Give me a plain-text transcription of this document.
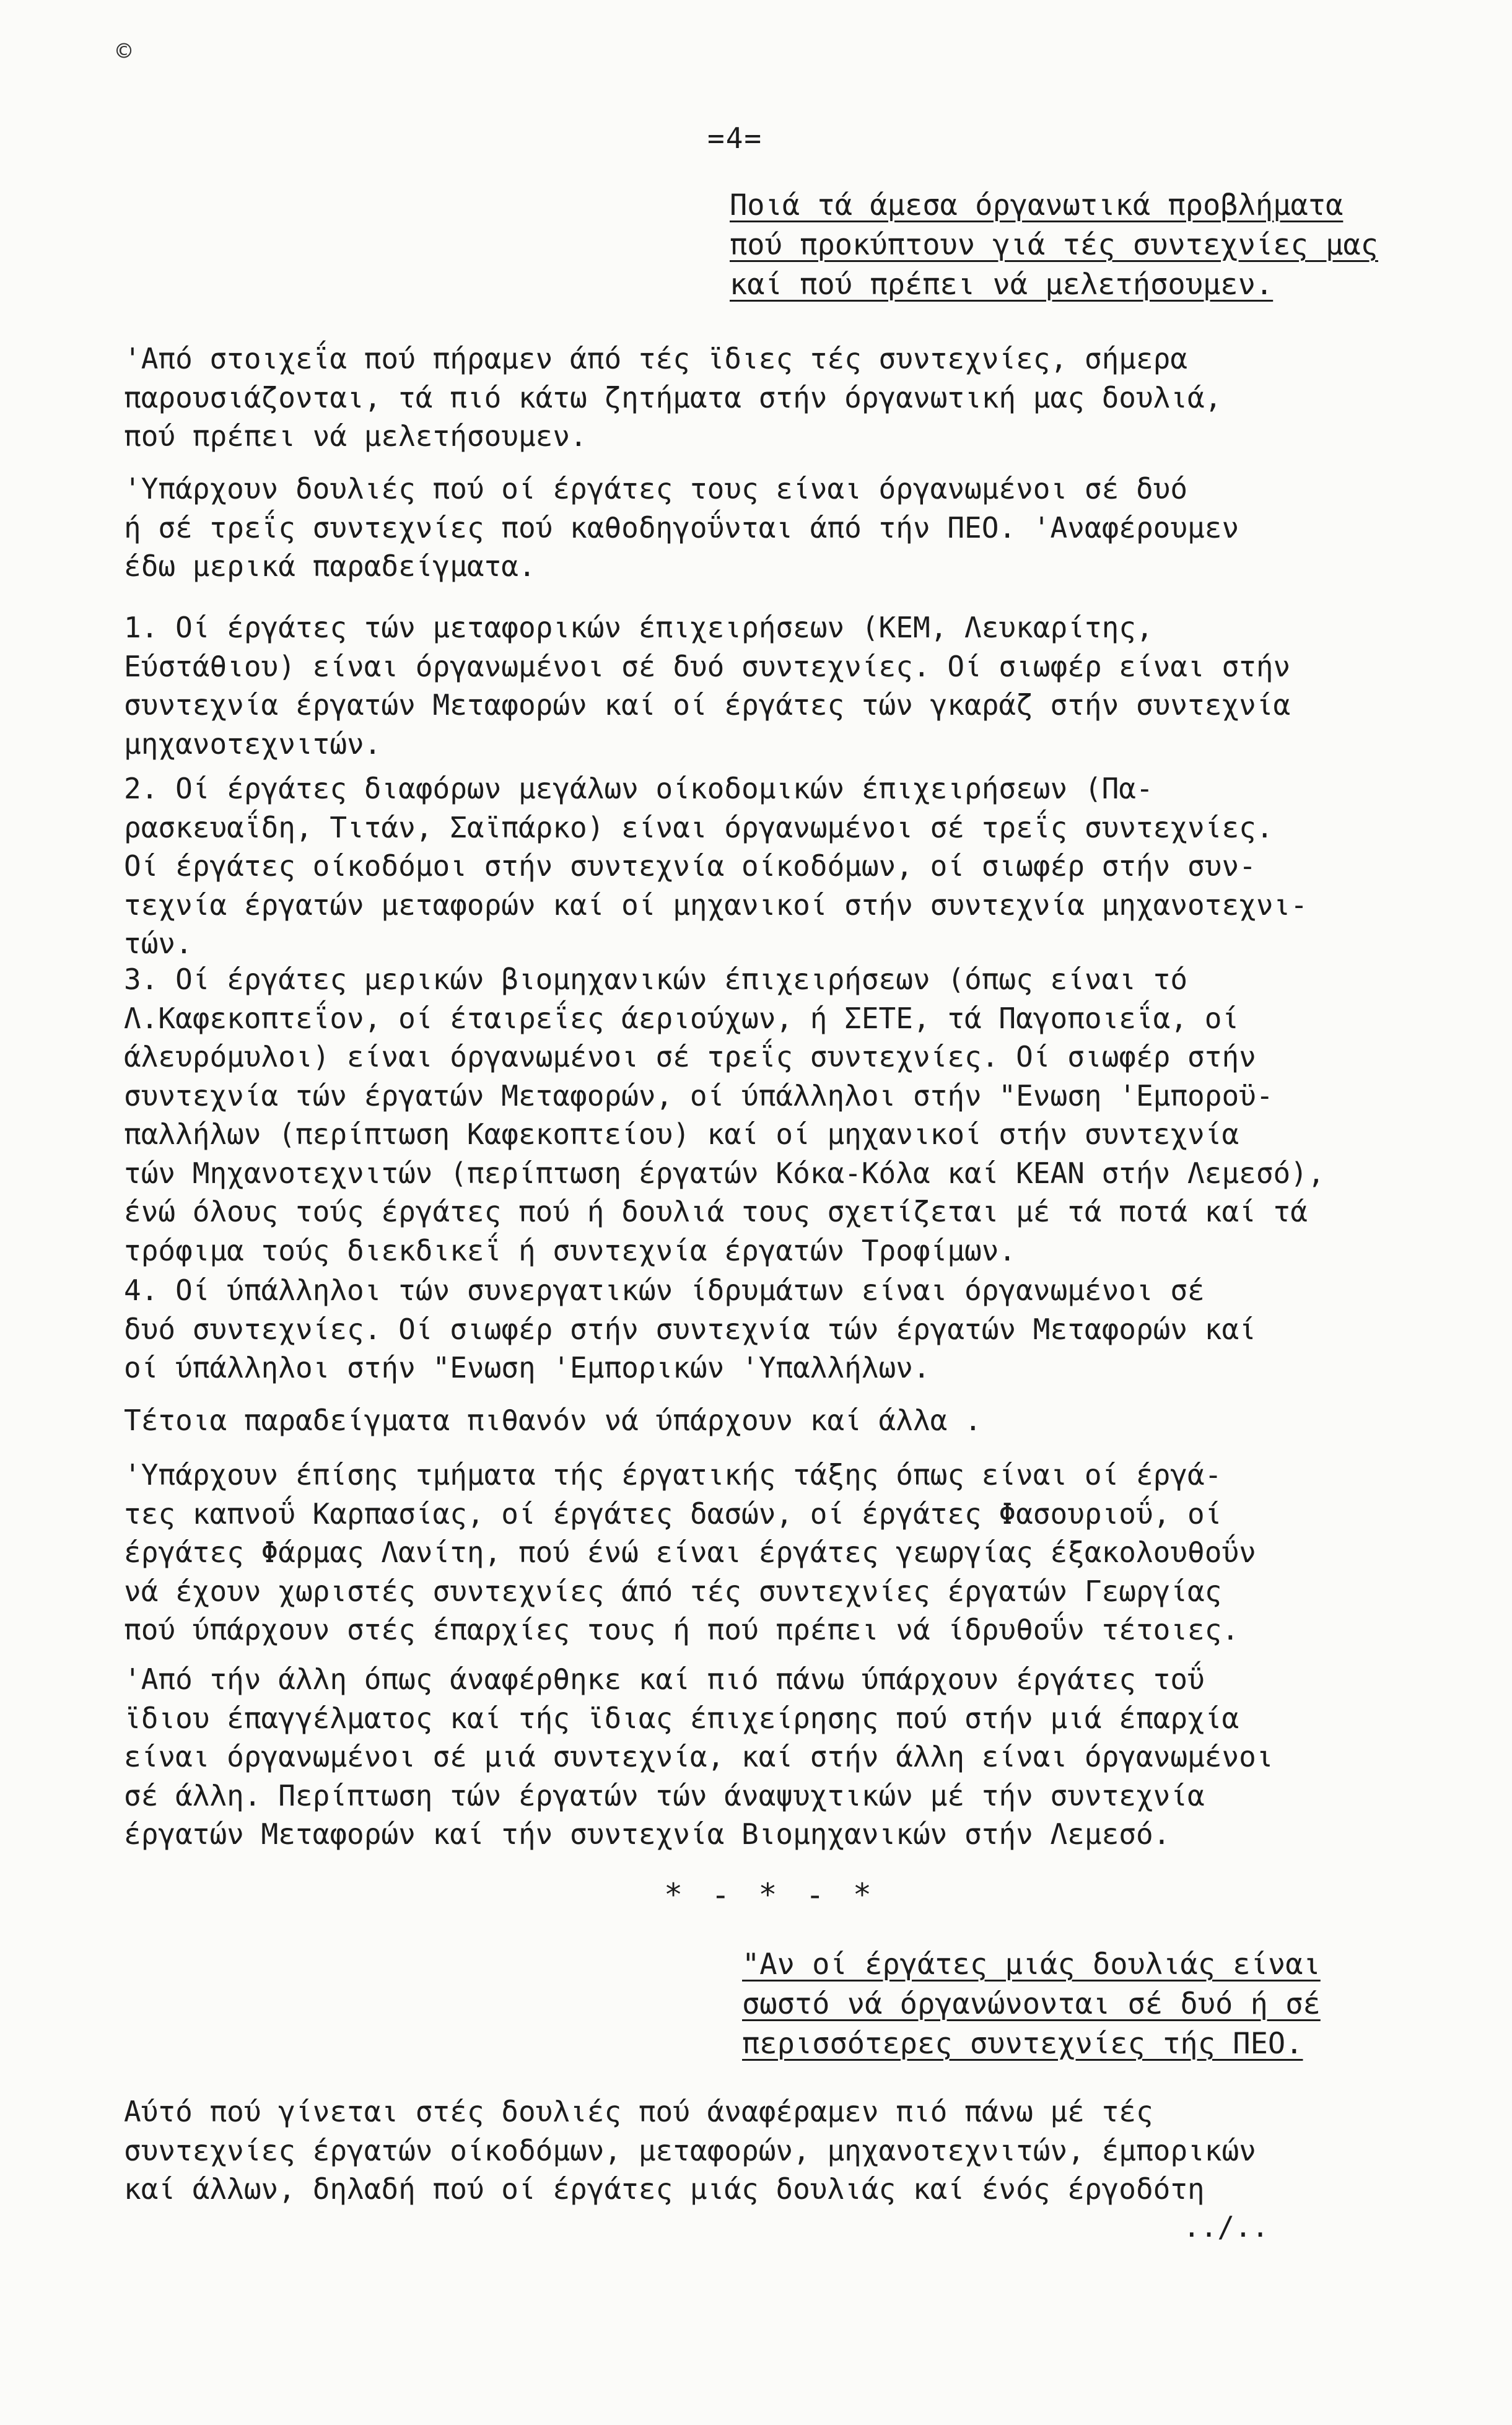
©
=4=
Ποιά τά άμεσα όργανωτικά προβλήματα
πού προκύπτουν γιά τές συντεχνίες μας
καί πού πρέπει νά μελετήσουμεν.
'Από στοιχεΐα πού πήραμεν άπό τές ϊδιες τές συντεχνίες, σήμερα
παρουσιάζονται, τά πιό κάτω ζητήματα στήν όργανωτική μας δουλιά,
πού πρέπει νά μελετήσουμεν.
'Υπάρχουν δουλιές πού οί έργάτες τους είναι όργανωμένοι σέ δυό
ή σέ τρεΐς συντεχνίες πού καθοδηγοΰνται άπό τήν ΠΕΟ. 'Αναφέρουμεν
έδω μερικά παραδείγματα.
1. Οί έργάτες τών μεταφορικών έπιχειρήσεων (ΚΕΜ, Λευκαρίτης,
Εύστάθιου) είναι όργανωμένοι σέ δυό συντεχνίες. Οί σιωφέρ είναι στήν
συντεχνία έργατών Μεταφορών καί οί έργάτες τών γκαράζ στήν συντεχνία
μηχανοτεχνιτών.
2. Οί έργάτες διαφόρων μεγάλων οίκοδομικών έπιχειρήσεων (Πα-
ρασκευαΐδη, Τιτάν, Σαϊπάρκο) είναι όργανωμένοι σέ τρεΐς συντεχνίες.
Οί έργάτες οίκοδόμοι στήν συντεχνία οίκοδόμων, οί σιωφέρ στήν συν-
τεχνία έργατών μεταφορών καί οί μηχανικοί στήν συντεχνία μηχανοτεχνι-
τών.
3. Οί έργάτες μερικών βιομηχανικών έπιχειρήσεων (όπως είναι τό
Λ.Καφεκοπτεΐον, οί έταιρεΐες άεριούχων, ή ΣΕΤΕ, τά Παγοποιεΐα, οί
άλευρόμυλοι) είναι όργανωμένοι σέ τρεΐς συντεχνίες. Οί σιωφέρ στήν
συντεχνία τών έργατών Μεταφορών, οί ύπάλληλοι στήν "Ενωση 'Εμποροϋ-
παλλήλων (περίπτωση Καφεκοπτείου) καί οί μηχανικοί στήν συντεχνία
τών Μηχανοτεχνιτών (περίπτωση έργατών Κόκα-Κόλα καί ΚΕΑΝ στήν Λεμεσό),
ένώ όλους τούς έργάτες πού ή δουλιά τους σχετίζεται μέ τά ποτά καί τά
τρόφιμα τούς διεκδικεΐ ή συντεχνία έργατών Τροφίμων.
4. Οί ύπάλληλοι τών συνεργατικών ίδρυμάτων είναι όργανωμένοι σέ
δυό συντεχνίες. Οί σιωφέρ στήν συντεχνία τών έργατών Μεταφορών καί
οί ύπάλληλοι στήν "Ενωση 'Εμπορικών 'Υπαλλήλων.
Τέτοια παραδείγματα πιθανόν νά ύπάρχουν καί άλλα .
'Υπάρχουν έπίσης τμήματα τής έργατικής τάξης όπως είναι οί έργά-
τες καπνοΰ Καρπασίας, οί έργάτες δασών, οί έργάτες Φασουριοΰ, οί
έργάτες Φάρμας Λανίτη, πού ένώ είναι έργάτες γεωργίας έξακολουθοΰν
νά έχουν χωριστές συντεχνίες άπό τές συντεχνίες έργατών Γεωργίας
πού ύπάρχουν στές έπαρχίες τους ή πού πρέπει νά ίδρυθοΰν τέτοιες.
'Από τήν άλλη όπως άναφέρθηκε καί πιό πάνω ύπάρχουν έργάτες τοΰ
ϊδιου έπαγγέλματος καί τής ϊδιας έπιχείρησης πού στήν μιά έπαρχία
είναι όργανωμένοι σέ μιά συντεχνία, καί στήν άλλη είναι όργανωμένοι
σέ άλλη. Περίπτωση τών έργατών τών άναψυχτικών μέ τήν συντεχνία
έργατών Μεταφορών καί τήν συντεχνία Βιομηχανικών στήν Λεμεσό.
* - * - *
"Αν οί έργάτες μιάς δουλιάς είναι
σωστό νά όργανώνονται σέ δυό ή σέ
περισσότερες συντεχνίες τής ΠΕΟ.
Αύτό πού γίνεται στές δουλιές πού άναφέραμεν πιό πάνω μέ τές
συντεχνίες έργατών οίκοδόμων, μεταφορών, μηχανοτεχνιτών, έμπορικών
καί άλλων, δηλαδή πού οί έργάτες μιάς δουλιάς καί ένός έργοδότη
../..
